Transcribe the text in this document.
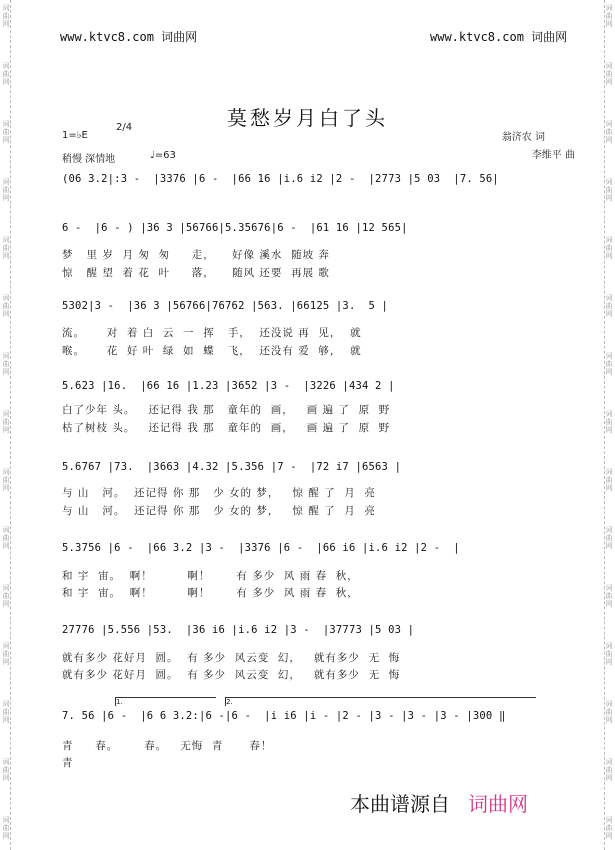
词
曲
网
词
曲
网
词
曲
网
词
曲
网
词
曲
网
词
曲
网
词
曲
网
词
曲
网
词
曲
网
词
曲
网
词
曲
网
词
曲
网
词
曲
网
词
曲
网
词
曲
网
词
曲
网
词
曲
网
词
曲
网
词
曲
网
词
曲
网
词
曲
网
词
曲
网
词
曲
网
词
曲
网
词
曲
网
词
曲
网
词
曲
网
词
曲
网
词
曲
网
词
曲
网
www.ktvc8.com 词曲网	www.ktvc8.com 词曲网
莫愁岁月白了头
1=♭E
2/4
稍慢 深情地	♩=63
翁济农 词
李维平 曲
(06 3.2|:3 -  |3376 |6 -  |66 16 |i.6 i2 |2 -  |2773 |5 03  |7. 56|
6 -  |6 - ) |36 3 |56766|5.35676|6 -  |61 16 |12 565|
梦   里 岁  月 匆  匆     走，    好像 溪水  随坡 奔
惊   醒 望  着 花  叶     落，    随风 还要  再展 歌
5302|3 -  |36 3 |56766|76762 |563. |66125 |3.  5 |
流。     对  着 白  云  一  挥   手，  还没说 再  见，  就
喉。     花  好 叶  绿  如  蝶   飞，  还没有 爱  够，  就
5.623 |16.  |66 16 |1.23 |3652 |3 -  |3226 |434 2 |
白了少年 头。   还记得 我 那   童年的  画，   画 遍 了  原  野
枯了树枝 头。   还记得 我 那   童年的  画，   画 遍 了  原  野
5.6767 |73.  |3663 |4.32 |5.356 |7 -  |72 i7 |6563 |
与 山   河。  还记得 你 那   少 女的 梦，   惊 醒 了  月  亮
与 山   河。  还记得 你 那   少 女的 梦，   惊 醒 了  月  亮
5.3756 |6 -  |66 3.2 |3 -  |3376 |6 -  |66 i6 |i.6 i2 |2 -  |
和 宇  宙。  啊！        啊！      有 多少  风 雨 春  秋，
和 宇  宙。  啊！        啊！      有 多少  风 雨 春  秋，
27776 |5.556 |53.  |36 i6 |i.6 i2 |3 -  |37773 |5 03 |
就有多少 花好月  圆。  有 多少  风云变  幻，   就有多少  无  悔
就有多少 花好月  圆。  有 多少  风云变  幻，   就有多少  无  悔
1.	2.
7. 56 |6 -  |6 6 3.2:|6 -|6 -  |i i6 |i - |2 - |3 - |3 - |3 - |300 ‖
青     春。      春。   无悔  青      春！
青
本曲谱源自 词曲网
